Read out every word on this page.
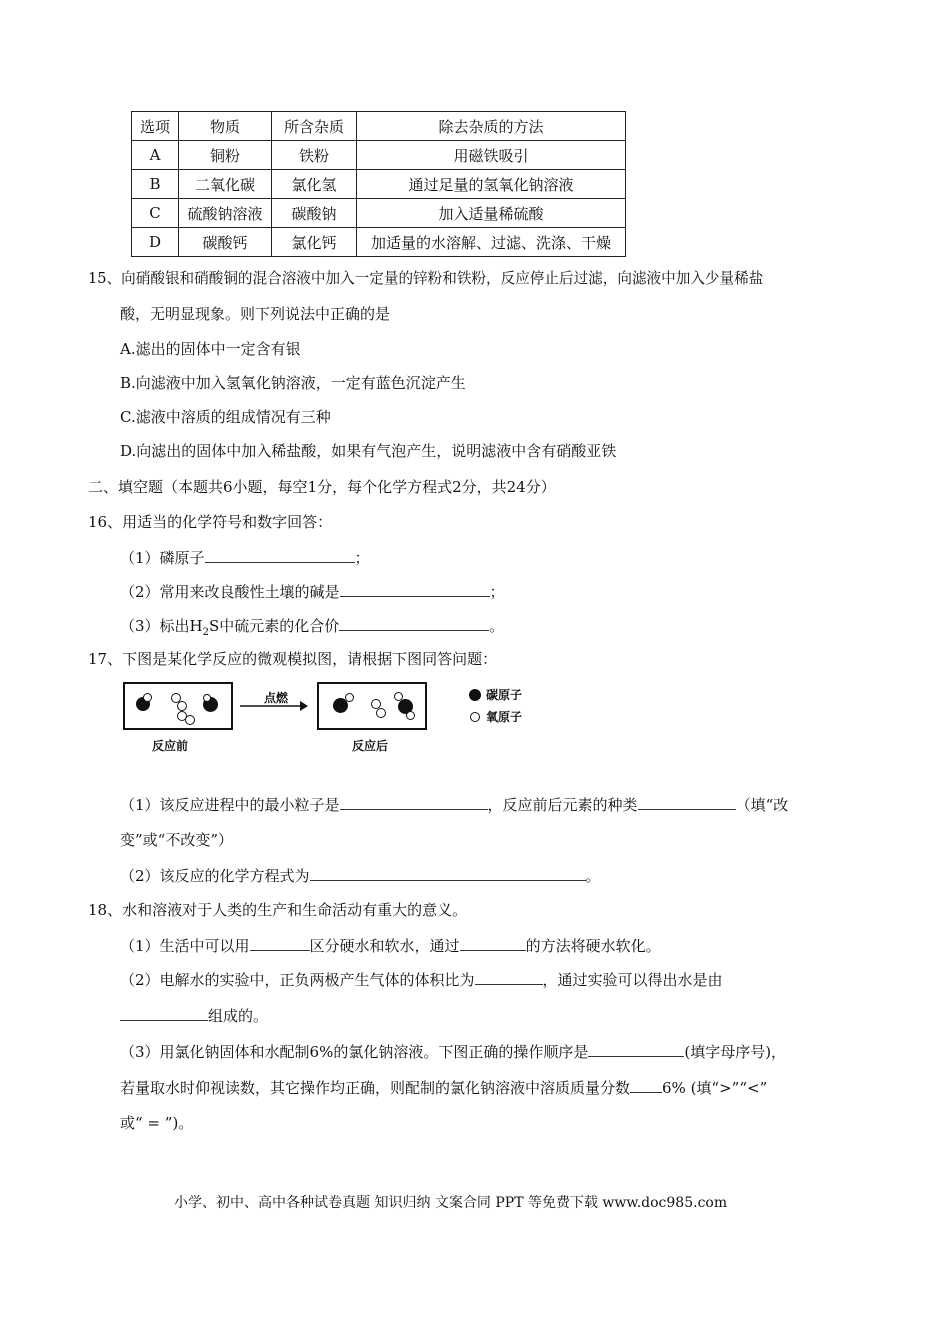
选项	物质	所含杂质	除去杂质的方法
A	铜粉	铁粉	用磁铁吸引
B	二氧化碳	氯化氢	通过足量的氢氧化钠溶液
C	硫酸钠溶液	碳酸钠	加入适量稀硫酸
D	碳酸钙	氯化钙	加适量的水溶解、过滤、洗涤、干燥
15、向硝酸银和硝酸铜的混合溶液中加入一定量的锌粉和铁粉，反应停止后过滤，向滤液中加入少量稀盐
酸，无明显现象。则下列说法中正确的是
A.滤出的固体中一定含有银
B.向滤液中加入氢氧化钠溶液，一定有蓝色沉淀产生
C.滤液中溶质的组成情况有三种
D.向滤出的固体中加入稀盐酸，如果有气泡产生，说明滤液中含有硝酸亚铁
二、填空题（本题共6小题，每空1分，每个化学方程式2分，共24分）
16、用适当的化学符号和数字回答：
（1）磷原子	；
（2）常用来改良酸性土壤的碱是	；
（3）标出$H_2S$中硫元素的化合价	。
17、下图是某化学反应的微观模拟图，请根据下图同答问题：
点燃
反应前	反应后
碳原子
氧原子
（1）该反应进程中的最小粒子是	，反应前后元素的种类	（填“改
变”或“不改变”）
（2）该反应的化学方程式为	。
18、水和溶液对于人类的生产和生命活动有重大的意义。
（1）生活中可以用	区分硬水和软水，通过	的方法将硬水软化。
（2）电解水的实验中，正负两极产生气体的体积比为	，通过实验可以得出水是由
组成的。
（3）用氯化钠固体和水配制6%的氯化钠溶液。下图正确的操作顺序是	(填字母序号)，
若量取水时仰视读数，其它操作均正确，则配制的氯化钠溶液中溶质质量分数 6% (填“>”“<”
或“ = ”)。
小学、初中、高中各种试卷真题 知识归纳 文案合同 PPT 等免费下载 www.doc985.com
